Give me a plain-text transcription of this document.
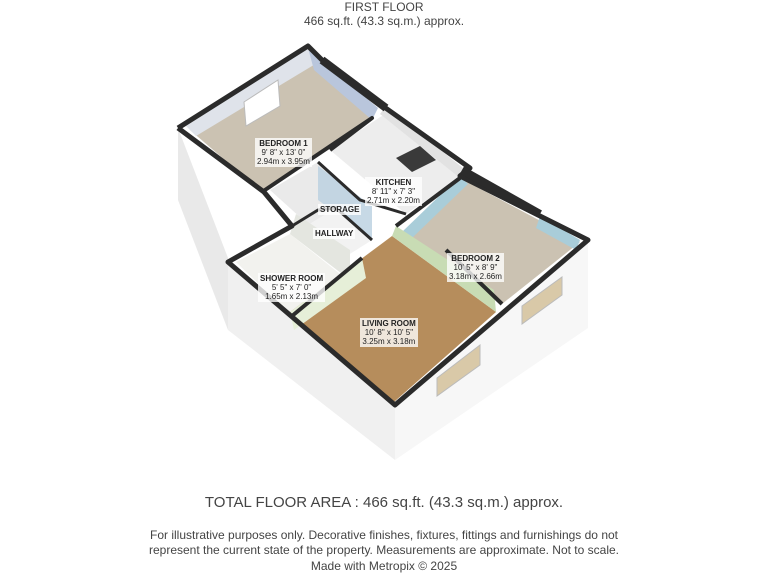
FIRST FLOOR
466 sq.ft. (43.3 sq.m.) approx.
BEDROOM 1
9' 8" x 13' 0"
2.94m x 3.95m
KITCHEN
8' 11" x 7' 3"
2.71m x 2.20m
STORAGE
HALLWAY
BEDROOM 2
10' 5" x 8' 9"
3.18m x 2.66m
SHOWER ROOM
5' 5" x 7' 0"
1.65m x 2.13m
LIVING ROOM
10' 8" x 10' 5"
3.25m x 3.18m
TOTAL FLOOR AREA : 466 sq.ft. (43.3 sq.m.) approx.
For illustrative purposes only. Decorative finishes, fixtures, fittings and furnishings do not
represent the current state of the property. Measurements are approximate. Not to scale.
Made with Metropix © 2025
